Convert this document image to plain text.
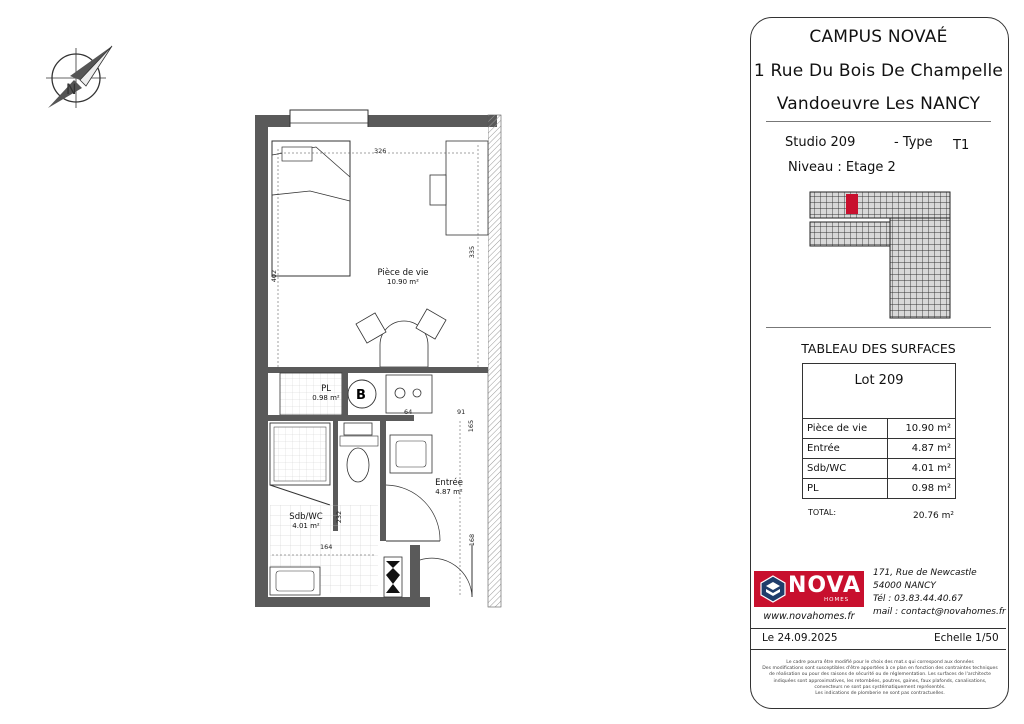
N
B
Pièce de vie
10.90 m²
PL
0.98 m²
Entrée
4.87 m²
Sdb/WC
4.01 m²
326
335
402
64	91
165
232
168
164
CAMPUS NOVAÉ
1 Rue Du Bois De Champelle
Vandoeuvre Les NANCY
Studio 209	- Type T1
Niveau : Etage 2
TABLEAU DES SURFACES
Lot 209
Pièce de vie	10.90 m²
Entrée	4.87 m²
Sdb/WC	4.01 m²
PL	0.98 m²
TOTAL:	20.76 m²
NOVA
HOMES
www.novahomes.fr
171, Rue de Newcastle
54000 NANCY
Tél : 03.83.44.40.67
mail : contact@novahomes.fr
Le 24.09.2025	Echelle 1/50
Le cadre pourra être modifié pour le choix des mat.s qui correspond aux données
Des modifications sont susceptibles d'être apportées à ce plan en fonction des contraintes techniques
de réalisation ou pour des raisons de sécurité ou de réglementation. Les surfaces de l'architecte
indiquées sont approximatives, les retombées, poutres, gaines, faux plafonds, canalisations,
convecteurs ne sont pas systématiquement représentés.
Les indications de plomberie ne sont pas contractuelles.
